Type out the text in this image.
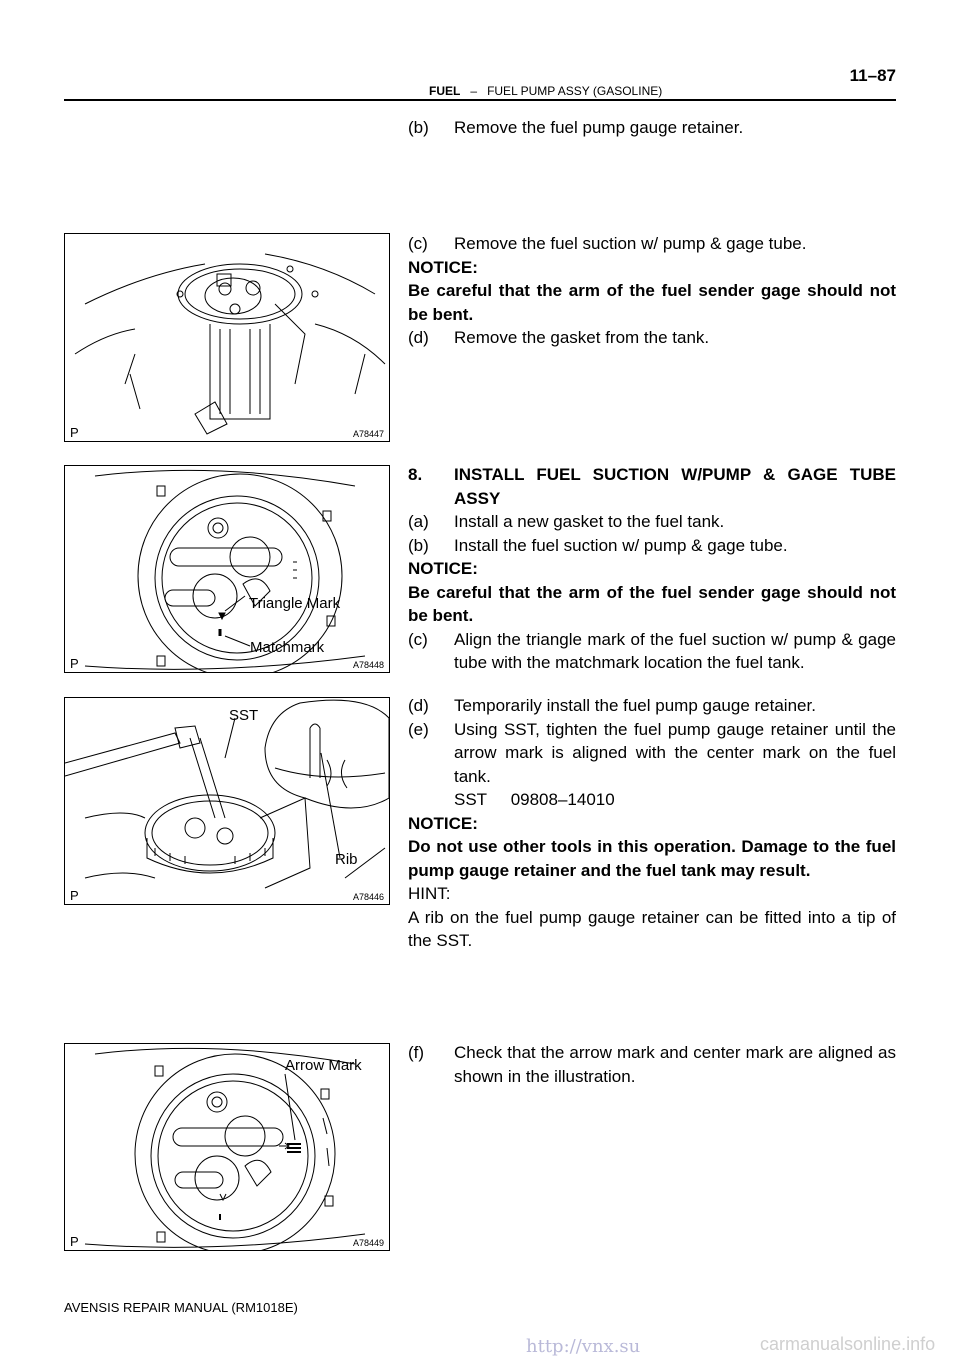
FUEL – FUEL PUMP ASSY (GASOLINE)
11–87
P	A78447
Triangle Mark
Matchmark
P	A78448
SST
Rib
P	A78446
Arrow Mark
P	A78449
(b)	Remove the fuel pump gauge retainer.
(c)	Remove the fuel suction w/ pump & gage tube.
NOTICE:
Be careful that the arm of the fuel sender gage should not be bent.
(d)	Remove the gasket from the tank.
8.	INSTALL FUEL SUCTION W/PUMP & GAGE TUBE ASSY
(a)	Install a new gasket to the fuel tank.
(b)	Install the fuel suction w/ pump & gage tube.
NOTICE:
Be careful that the arm of the fuel sender gage should not be bent.
(c)	Align the triangle mark of the fuel suction w/ pump & gage tube with the matchmark location the fuel tank.
(d)	Temporarily install the fuel pump gauge retainer.
(e)	Using SST, tighten the fuel pump gauge retainer until the arrow mark is aligned with the center mark on the fuel tank.
SST 09808–14010
NOTICE:
Do not use other tools in this operation. Damage to the fuel pump gauge retainer and the fuel tank may result.
HINT:
A rib on the fuel pump gauge retainer can be fitted into a tip of the SST.
(f)	Check that the arrow mark and center mark are aligned as shown in the illustration.
AVENSIS REPAIR MANUAL (RM1018E)
http://vnx.su	carmanualsonline.info
